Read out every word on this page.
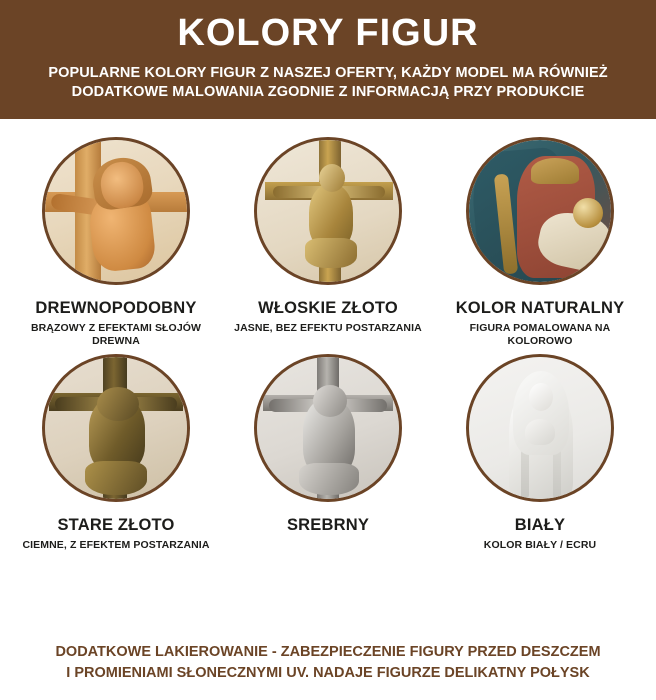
KOLORY FIGUR

POPULARNE KOLORY FIGUR Z NASZEJ OFERTY, KAŻDY MODEL MA RÓWNIEŻ
DODATKOWE MALOWANIA ZGODNIE Z INFORMACJĄ PRZY PRODUKCIE

DREWNOPODOBNY
BRĄZOWY Z EFEKTAMI SŁOJÓW DREWNA
WŁOSKIE ZŁOTO
JASNE, BEZ EFEKTU POSTARZANIA
KOLOR NATURALNY
FIGURA POMALOWANA NA KOLOROWO
STARE ZŁOTO
CIEMNE, Z EFEKTEM POSTARZANIA
SREBRNY	BIAŁY
KOLOR BIAŁY / ECRU
DODATKOWE LAKIEROWANIE - ZABEZPIECZENIE FIGURY PRZED DESZCZEM
I PROMIENIAMI SŁONECZNYMI UV. NADAJE FIGURZE DELIKATNY POŁYSK
